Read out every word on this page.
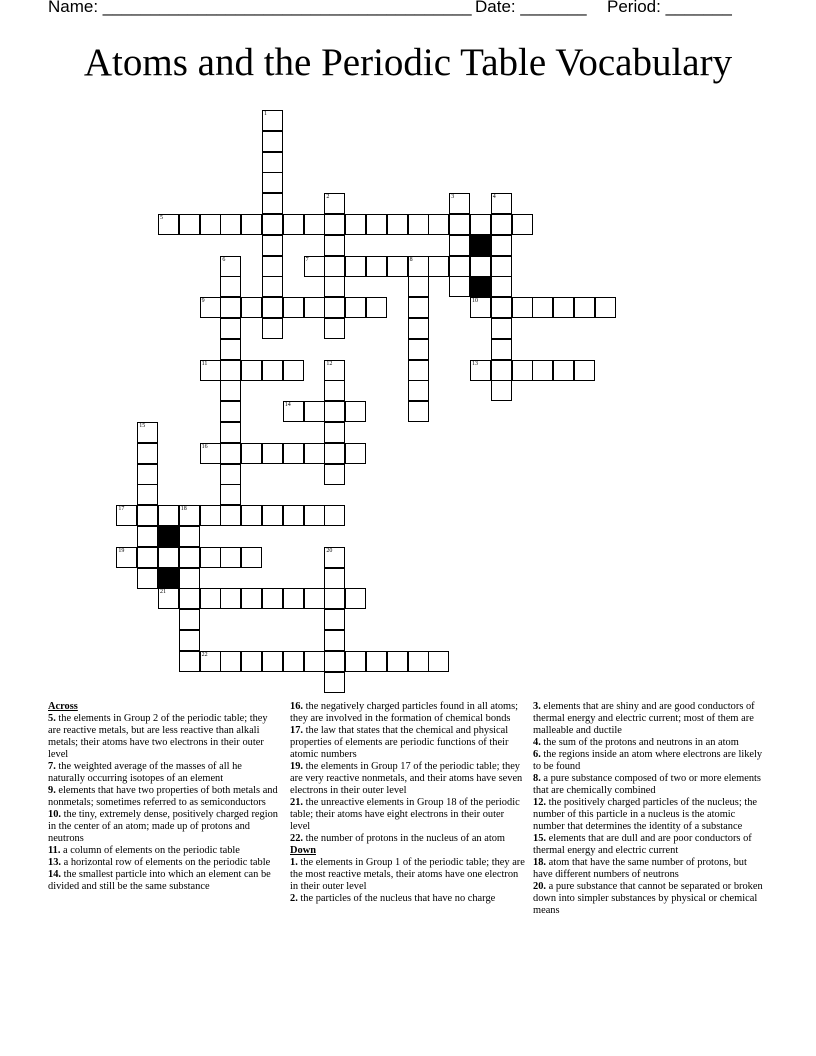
Name: _______________________________________ Date: _______ Period: _______
Atoms and the Periodic Table Vocabulary
1
2	3	4
5
6	7	8
9	10
11	12	13
14
15
16
17	18
19	20
21
22
Across
5. the elements in Group 2 of the periodic table; they are reactive metals, but are less reactive than alkali metals; their atoms have two electrons in their outer level
7. the weighted average of the masses of all he naturally occurring isotopes of an element
9. elements that have two properties of both metals and nonmetals; sometimes referred to as semiconductors
10. the tiny, extremely dense, positively charged region in the center of an atom; made up of protons and neutrons
11. a column of elements on the periodic table
13. a horizontal row of elements on the periodic table
14. the smallest particle into which an element can be divided and still be the same substance
16. the negatively charged particles found in all atoms; they are involved in the formation of chemical bonds
17. the law that states that the chemical and physical properties of elements are periodic functions of their atomic numbers
19. the elements in Group 17 of the periodic table; they are very reactive nonmetals, and their atoms have seven electrons in their outer level
21. the unreactive elements in Group 18 of the periodic table; their atoms have eight electrons in their outer level
22. the number of protons in the nucleus of an atom
Down
1. the elements in Group 1 of the periodic table; they are the most reactive metals, their atoms have one electron in their outer level
2. the particles of the nucleus that have no charge
3. elements that are shiny and are good conductors of thermal energy and electric current; most of them are malleable and ductile
4. the sum of the protons and neutrons in an atom
6. the regions inside an atom where electrons are likely to be found
8. a pure substance composed of two or more elements that are chemically combined
12. the positively charged particles of the nucleus; the number of this particle in a nucleus is the atomic number that determines the identity of a substance
15. elements that are dull and are poor conductors of thermal energy and electric current
18. atom that have the same number of protons, but have different numbers of neutrons
20. a pure substance that cannot be separated or broken down into simpler substances by physical or chemical means
